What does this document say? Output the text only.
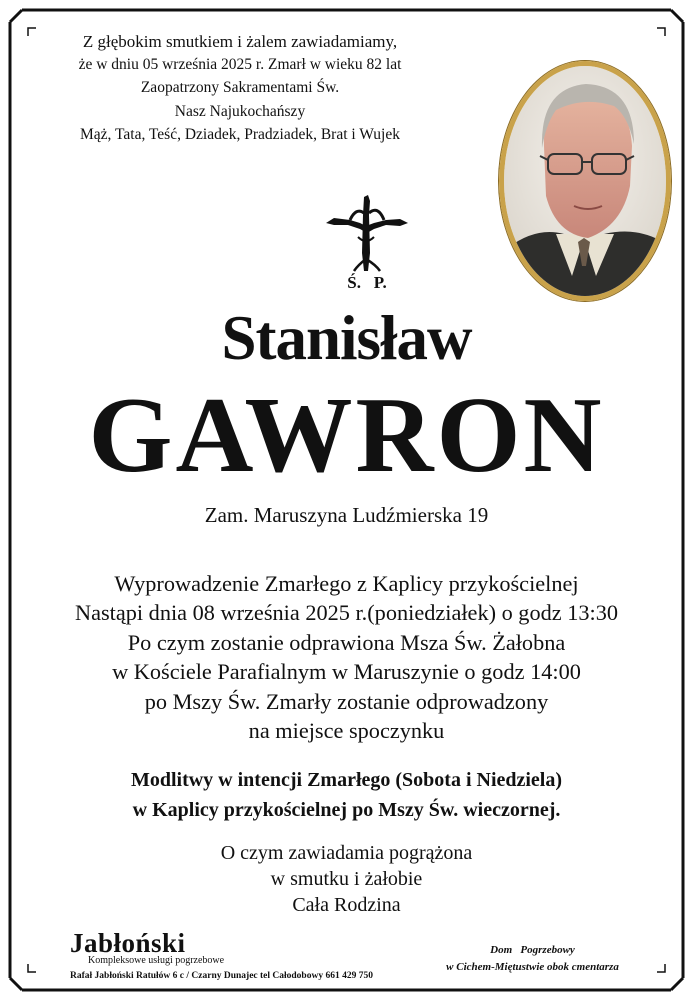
Z głębokim smutkiem i żalem zawiadamiamy,
że w dniu 05 września 2025 r. Zmarł w wieku 82 lat
Zaopatrzony Sakramentami Św.
Nasz Najukochańszy
Mąż, Tata, Teść, Dziadek, Pradziadek, Brat i Wujek
Ś.   P.
Stanisław
GAWRON
Zam. Maruszyna Ludźmierska 19
Wyprowadzenie Zmarłego z Kaplicy przykościelnej
Nastąpi dnia 08 września 2025 r.(poniedziałek) o godz 13:30
Po czym zostanie odprawiona Msza Św. Żałobna
w Kościele Parafialnym w Maruszynie o godz 14:00
po Mszy Św. Zmarły zostanie odprowadzony
na miejsce spoczynku
Modlitwy w intencji Zmarłego (Sobota i Niedziela)
w Kaplicy przykościelnej po Mszy Św. wieczornej.
O czym zawiadamia pogrążona
w smutku i żałobie
Cała Rodzina
Jabłoński
Kompleksowe usługi pogrzebowe
Rafał Jabłoński Ratułów 6 c / Czarny Dunajec tel Całodobowy 661 429 750
Dom   Pogrzebowy
w Cichem-Miętustwie obok cmentarza
